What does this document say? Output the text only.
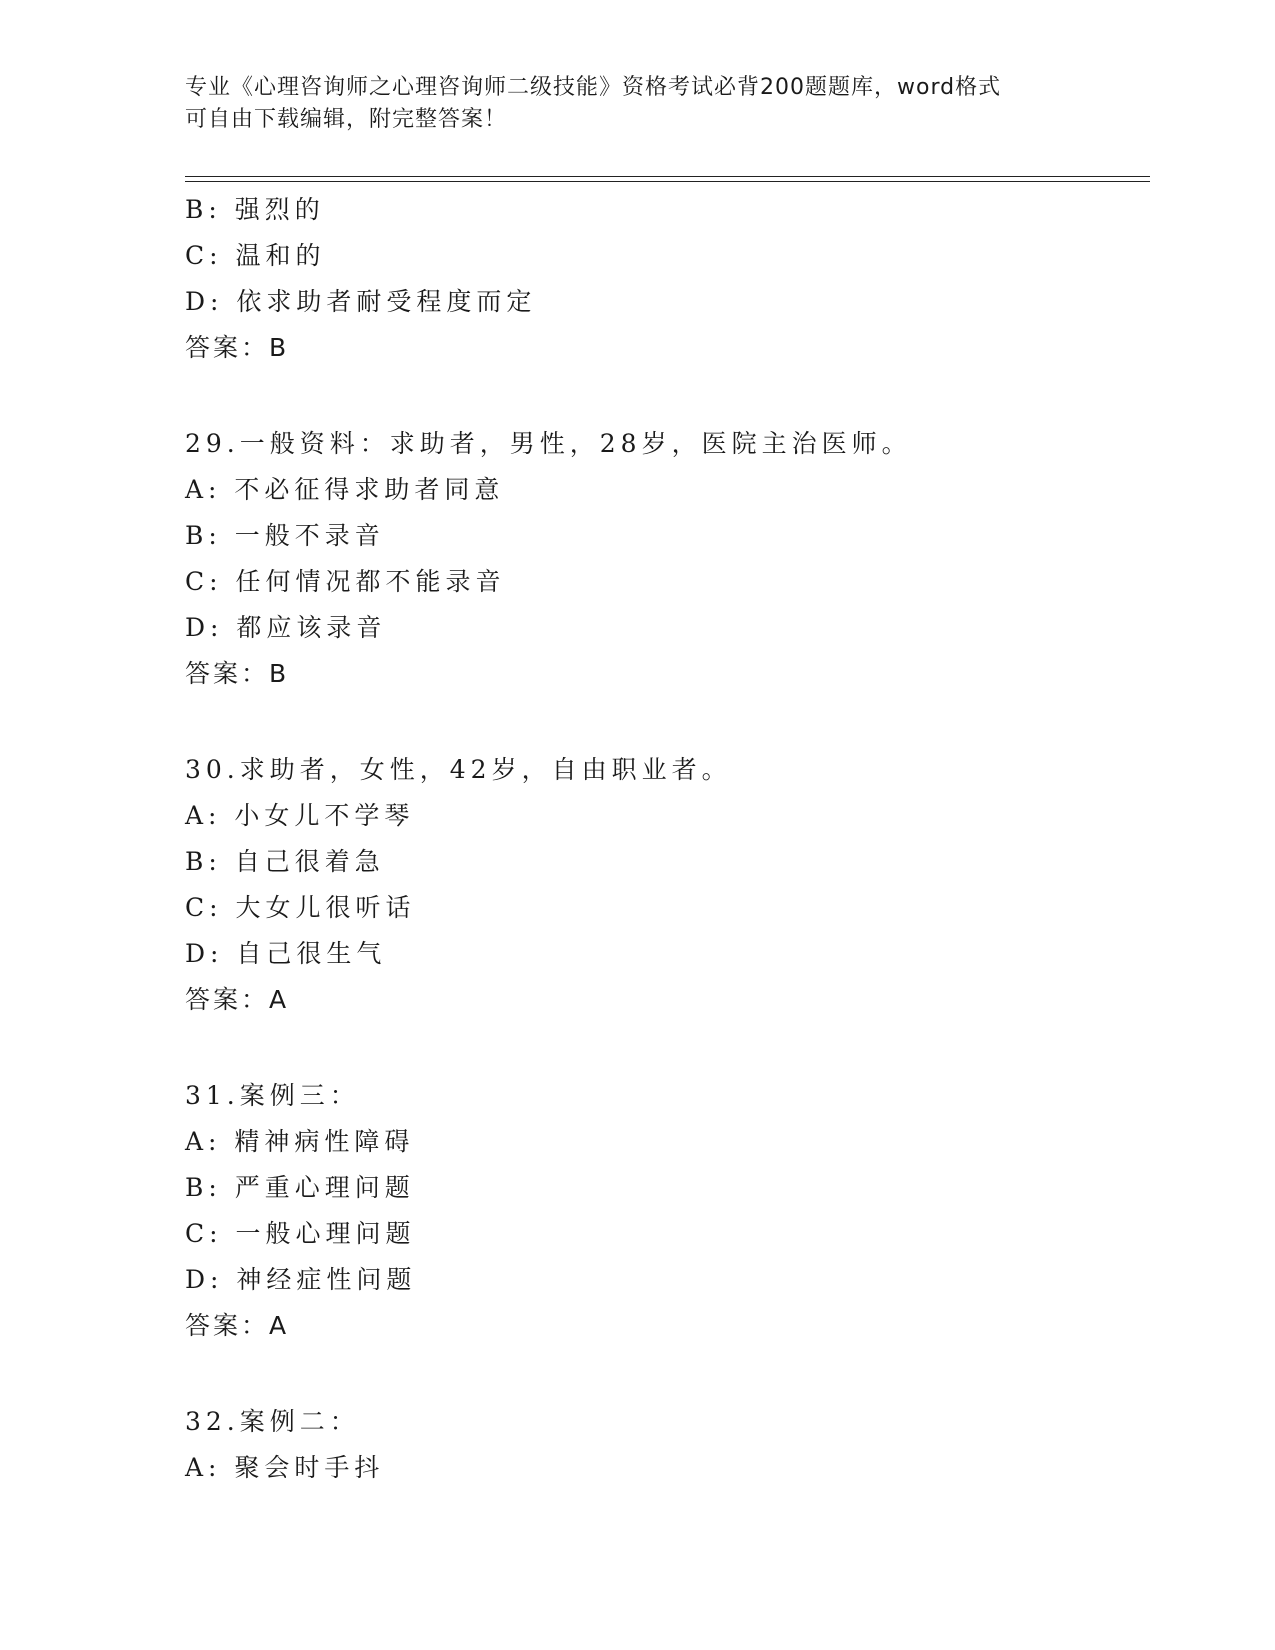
专业《心理咨询师之心理咨询师二级技能》资格考试必背200题题库，word格式
可自由下载编辑，附完整答案！
B: 强烈的
C: 温和的
D: 依求助者耐受程度而定
答案：B
29.一般资料：求助者，男性，28岁，医院主治医师。
A: 不必征得求助者同意
B: 一般不录音
C: 任何情况都不能录音
D: 都应该录音
答案：B
30.求助者，女性，42岁，自由职业者。
A: 小女儿不学琴
B: 自己很着急
C: 大女儿很听话
D: 自己很生气
答案：A
31.案例三：
A: 精神病性障碍
B: 严重心理问题
C: 一般心理问题
D: 神经症性问题
答案：A
32.案例二：
A: 聚会时手抖
